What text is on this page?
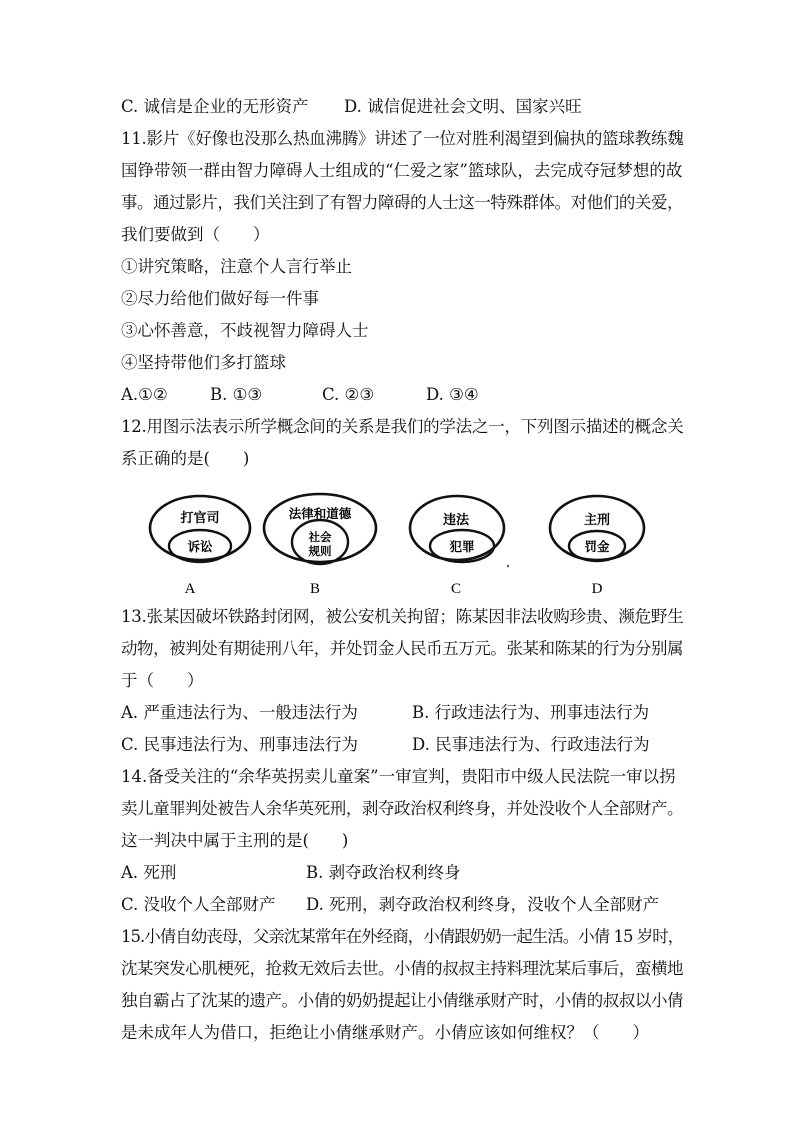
C. 诚信是企业的无形资产 D. 诚信促进社会文明、国家兴旺
11.影片《好像也没那么热血沸腾》讲述了一位对胜利渴望到偏执的篮球教练魏
国铮带领一群由智力障碍人士组成的“仁爱之家”篮球队，去完成夺冠梦想的故
事。通过影片，我们关注到了有智力障碍的人士这一特殊群体。对他们的关爱，
我们要做到（　　）
①讲究策略，注意个人言行举止
②尽力给他们做好每一件事
③心怀善意，不歧视智力障碍人士
④坚持带他们多打篮球
A.①②	B. ①③	C. ②③	D. ③④
12.用图示法表示所学概念间的关系是我们的学法之一，下列图示描述的概念关
系正确的是(　　)
打官司
诉讼
A
法律和道德
社会
规则
B
违法
犯罪
C
主刑
罚金
D
13.张某因破坏铁路封闭网，被公安机关拘留；陈某因非法收购珍贵、濒危野生
动物，被判处有期徒刑八年，并处罚金人民币五万元。张某和陈某的行为分别属
于（　　）
A. 严重违法行为、一般违法行为	B. 行政违法行为、刑事违法行为
C. 民事违法行为、刑事违法行为	D. 民事违法行为、行政违法行为
14.备受关注的“余华英拐卖儿童案”一审宣判，贵阳市中级人民法院一审以拐
卖儿童罪判处被告人余华英死刑，剥夺政治权利终身，并处没收个人全部财产。
这一判决中属于主刑的是(　　)
A. 死刑	B. 剥夺政治权利终身
C. 没收个人全部财产 D. 死刑，剥夺政治权利终身，没收个人全部财产
15.小倩自幼丧母，父亲沈某常年在外经商，小倩跟奶奶一起生活。小倩 15 岁时，
沈某突发心肌梗死，抢救无效后去世。小倩的叔叔主持料理沈某后事后，蛮横地
独自霸占了沈某的遗产。小倩的奶奶提起让小倩继承财产时，小倩的叔叔以小倩
是未成年人为借口，拒绝让小倩继承财产。小倩应该如何维权？（　　）
